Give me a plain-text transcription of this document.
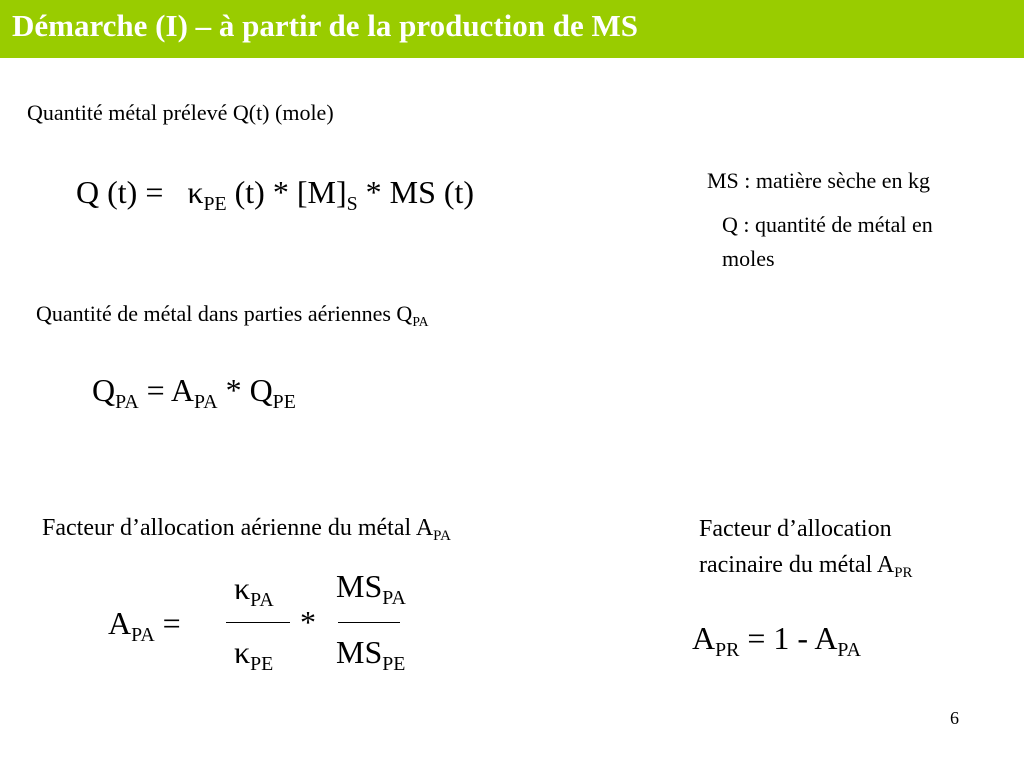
Démarche (I) – à partir de la production de MS
Quantité métal prélevé Q(t) (mole)
Q $(t) = \kappa_{PE}$ $(t) * [M]_S$ * MS (t)	MS : matière sèche en kg
Q : quantité de métal en
moles
Quantité de métal dans parties aériennes $Q_{PA}$
$Q_{PA} = A_{PA} * Q_{PE}$
Facteur d’allocation aérienne du métal $A_{PA}$
$A_{PA}$ =
$\kappa_{PA}$
$\kappa_{PE}$
*
$MS_{PA}$
$MS_{PE}$
Facteur d’allocation
racinaire du métal $A_{PR}$
$A_{PR} = 1 - A_{PA}$
6
